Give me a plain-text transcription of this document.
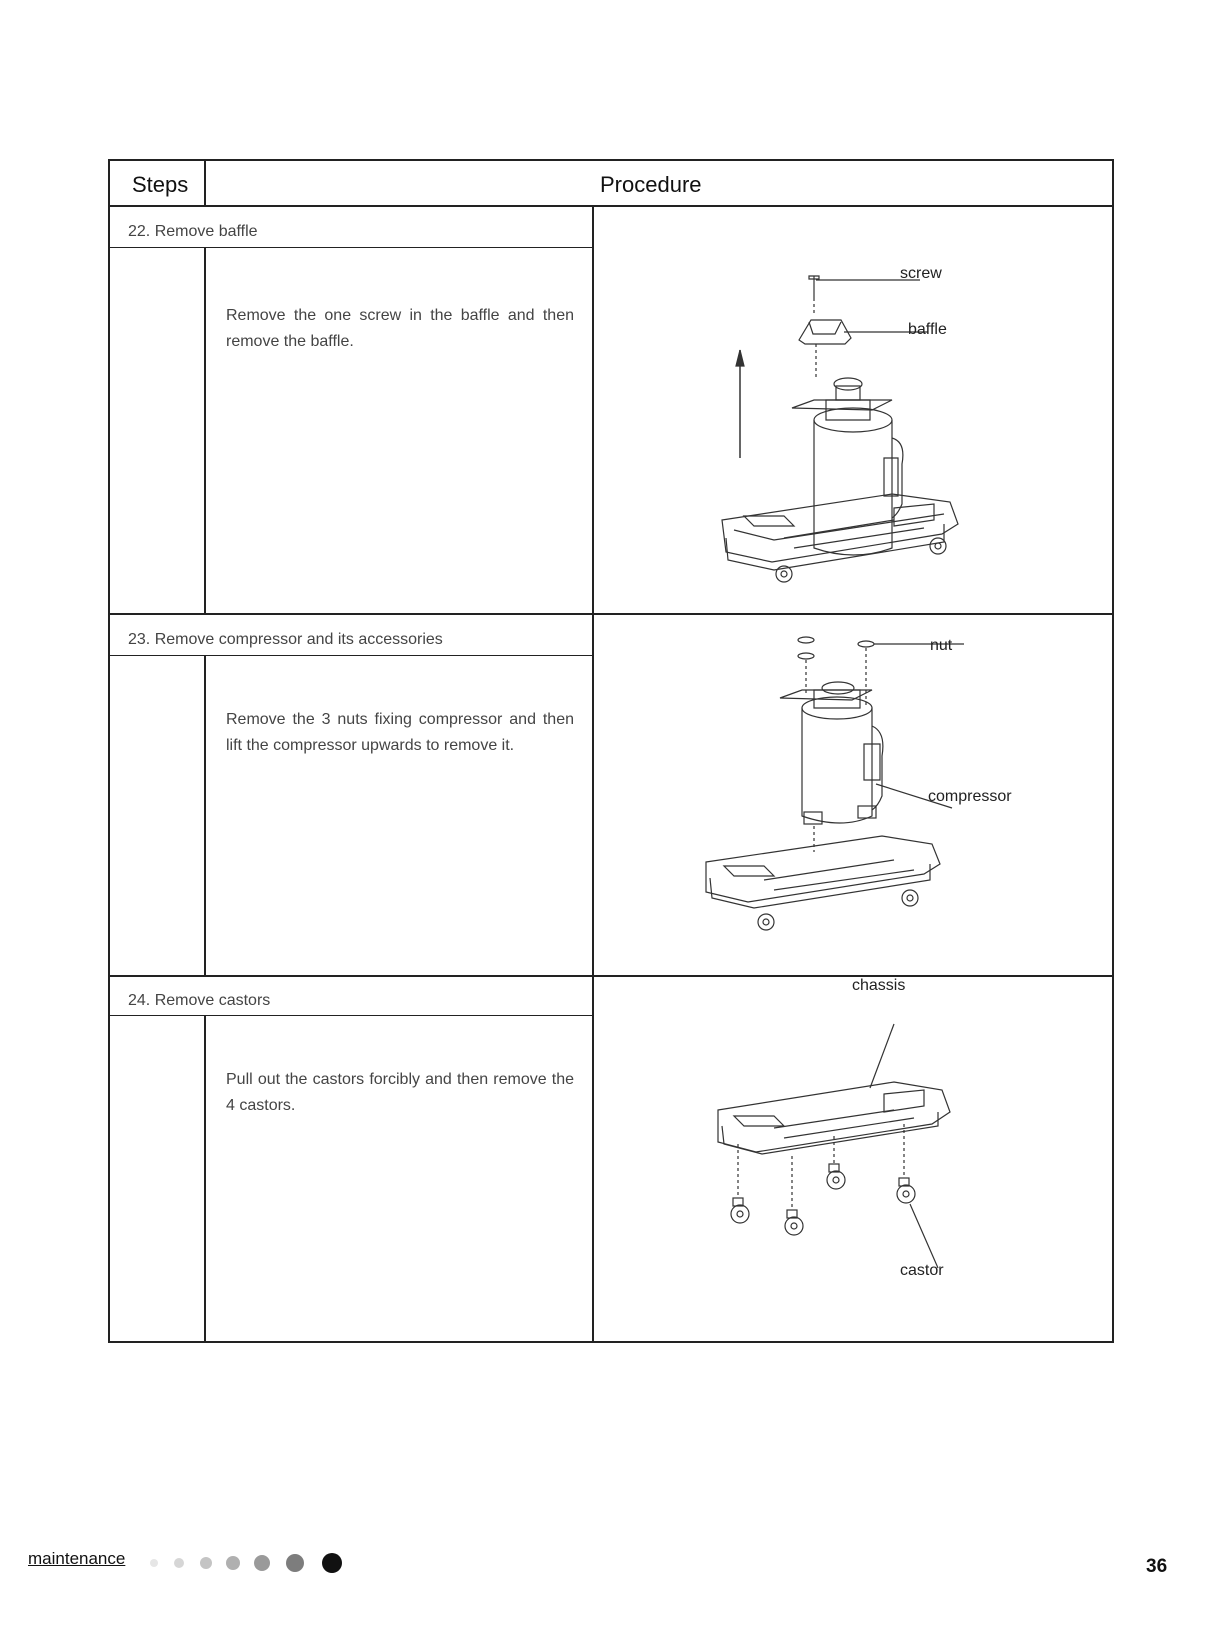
Steps	Procedure
22. Remove baffle
Remove the one screw in the baffle and then remove the baffle.
23. Remove compressor and its accessories
Remove the 3 nuts fixing compressor and then lift the compressor upwards to remove it.
24. Remove castors
Pull out the castors forcibly and then remove the 4 castors.
screw
baffle
nut
compressor
chassis
castor
maintenance	36
